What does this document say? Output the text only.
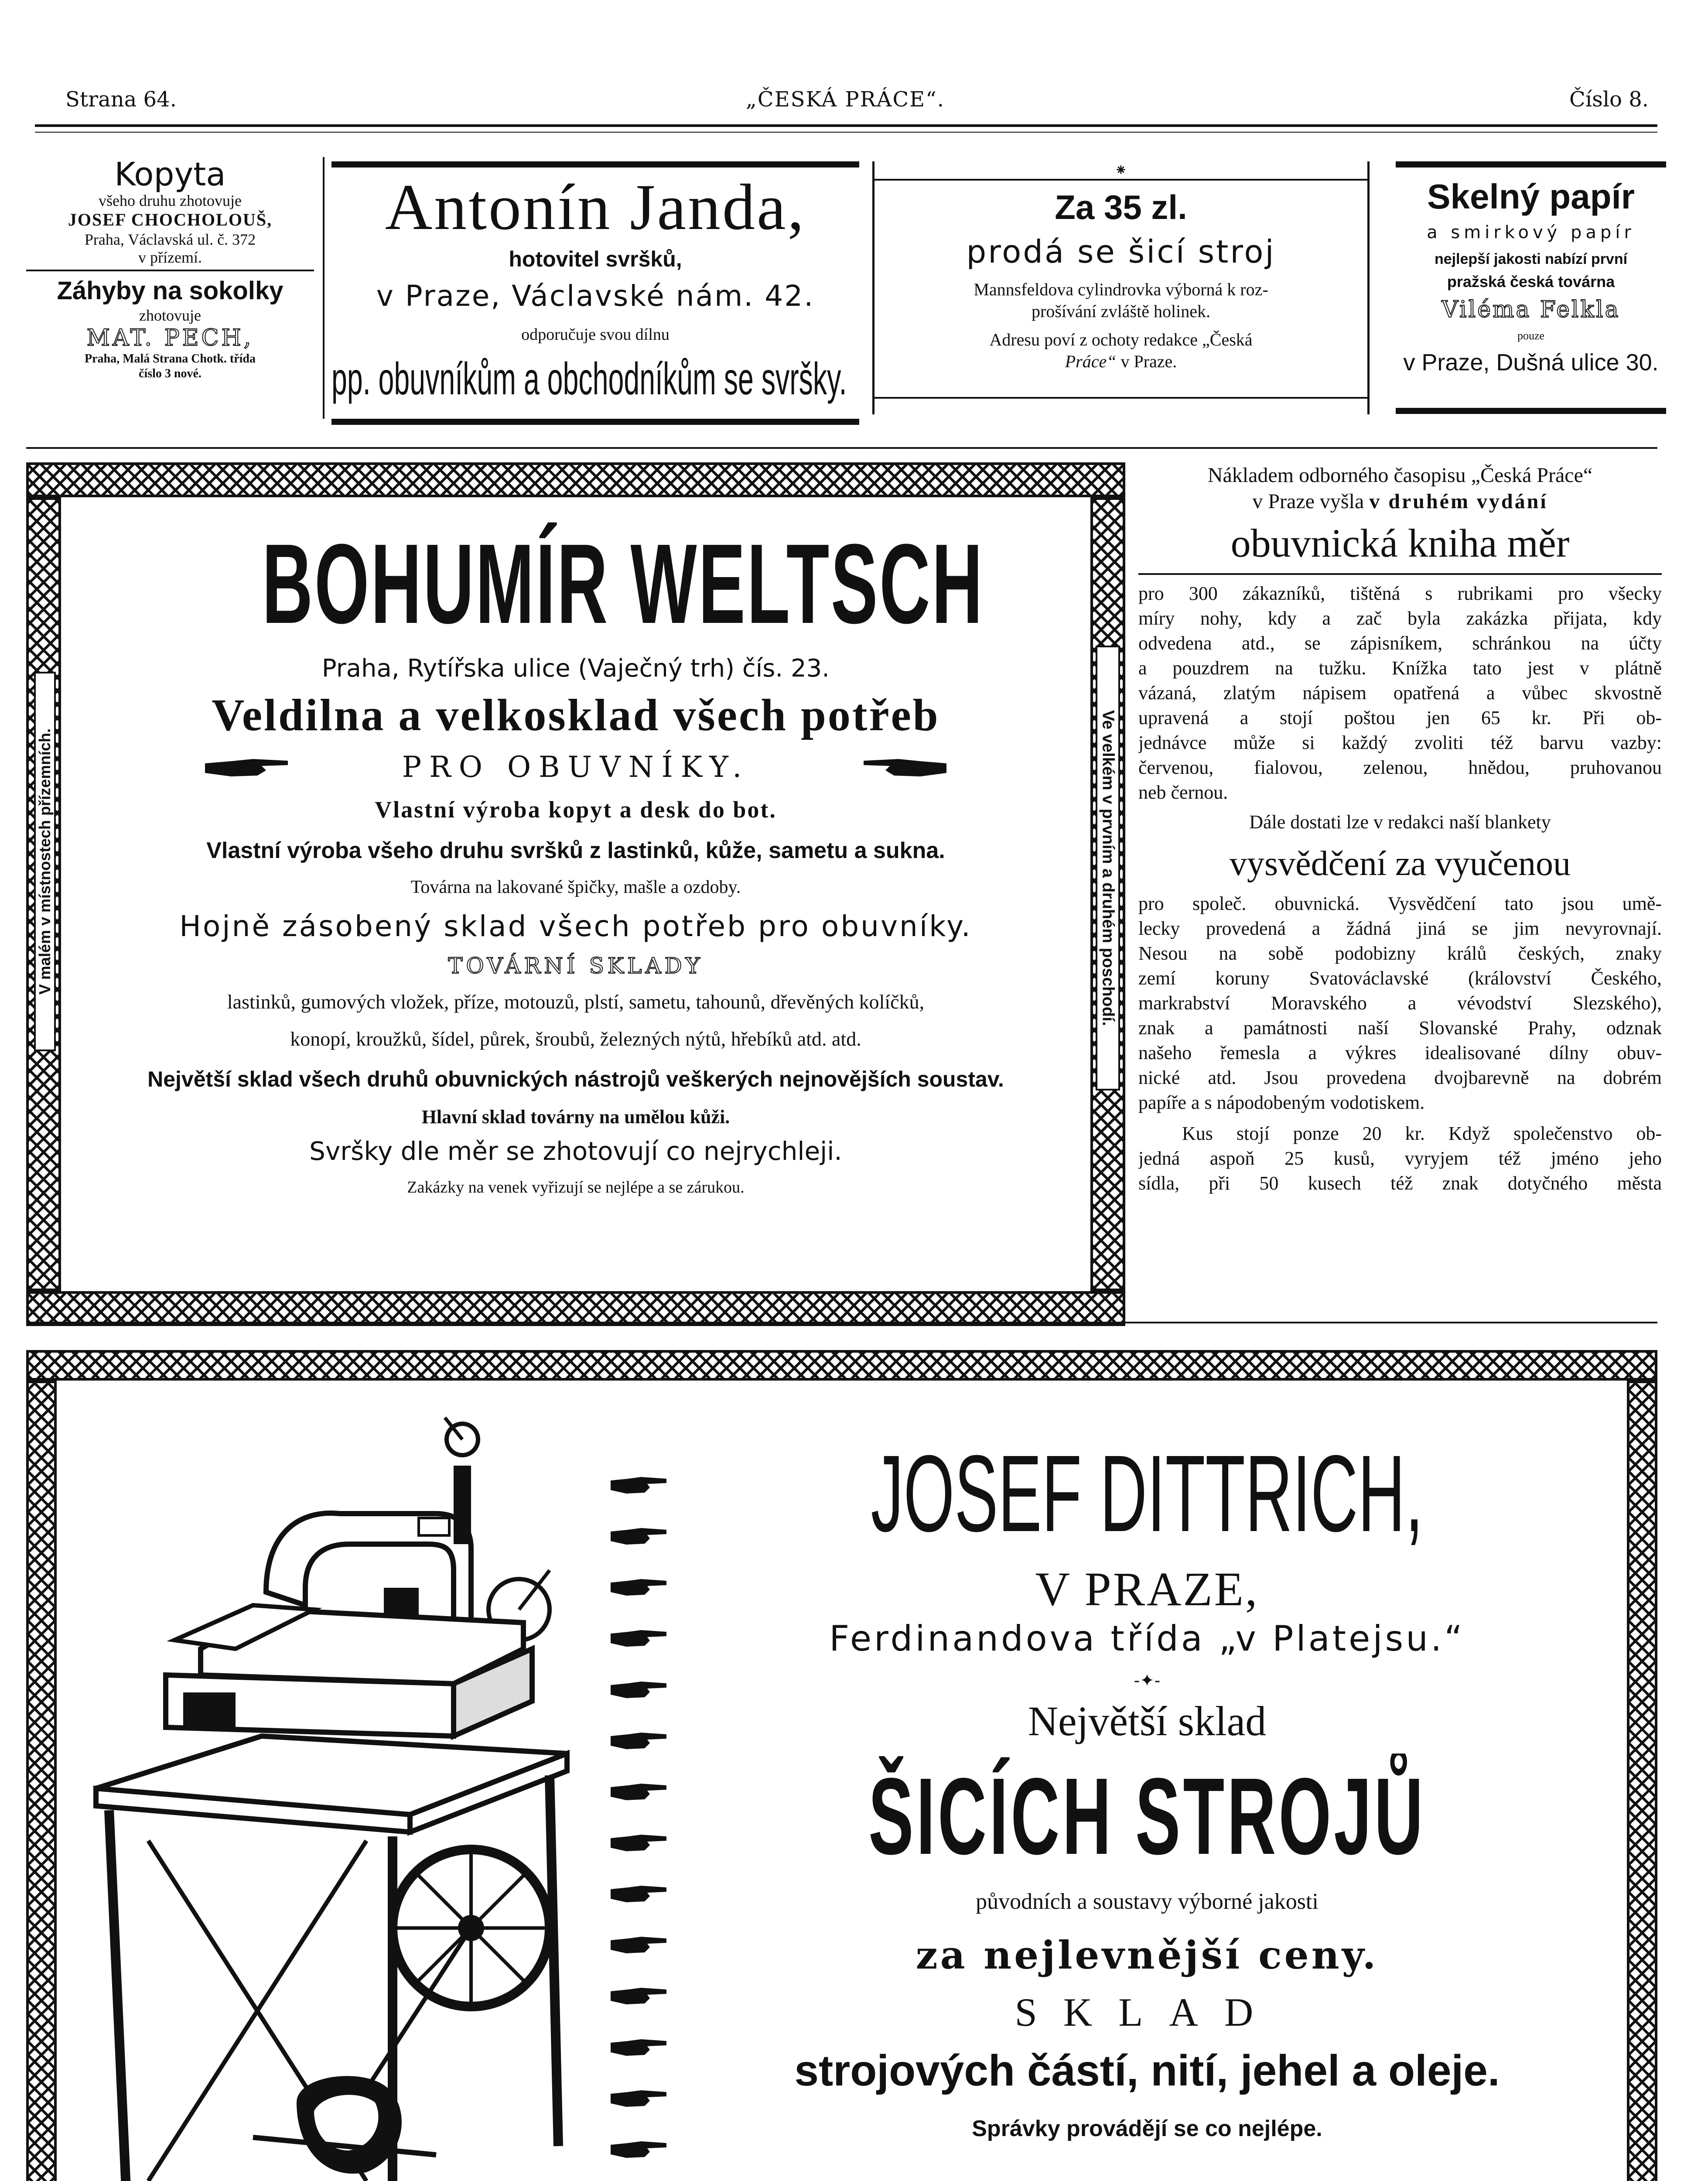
Strana 64.	„ČESKÁ PRÁCE“.	Číslo 8.
Kopyta
všeho druhu zhotovuje
JOSEF CHOCHOLOUŠ,
Praha, Václavská ul. č. 372
v přízemí.
Záhyby na sokolky
zhotovuje
MAT. PECH,
Praha, Malá Strana Chotk. třída
číslo 3 nové.
Antonín Janda,
hotovitel svršků,
v Praze, Václavské nám. 42.
odporučuje svou dílnu
pp. obuvníkům a obchodníkům se svršky.
⁕
Za 35 zl.
prodá se šicí stroj
Mannsfeldova cylindrovka výborná k roz-
prošívání zvláště holinek.
Adresu poví z ochoty redakce „Česká
Práce“ v Praze.
Skelný papír
a smirkový papír
nejlepší jakosti nabízí první
pražská česká továrna
Viléma Felkla
pouze
v Praze, Dušná ulice 30.
V malém v místnostech přízemních.	Ve velkém v prvním a druhém poschodí.
BOHUMÍR WELTSCH
Praha, Rytířska ulice (Vaječný trh) čís. 23.
Veldilna a velkosklad všech potřeb
PRO OBUVNÍKY.
Vlastní výroba kopyt a desk do bot.
Vlastní výroba všeho druhu svršků z lastinků, kůže, sametu a sukna.
Továrna na lakované špičky, mašle a ozdoby.
Hojně zásobený sklad všech potřeb pro obuvníky.
TOVÁRNÍ SKLADY
lastinků, gumových vložek, příze, motouzů, plstí, sametu, tahounů, dřevěných kolíčků,
konopí, kroužků, šídel, půrek, šroubů, železných nýtů, hřebíků atd. atd.
Největší sklad všech druhů obuvnických nástrojů veškerých nejnovějších soustav.
Hlavní sklad továrny na umělou kůži.
Svršky dle měr se zhotovují co nejrychleji.
Zakázky na venek vyřizují se nejlépe a se zárukou.
Nákladem odborného časopisu „Česká Práce“
v Praze vyšla v druhém vydání
obuvnická kniha měr

pro 300 zákazníků, tištěná s rubrikami pro všecky

míry nohy, kdy a zač byla zakázka přijata, kdy

odvedena atd., se zápisníkem, schránkou na účty

a pouzdrem na tužku. Knížka tato jest v plátně

vázaná, zlatým nápisem opatřená a vůbec skvostně

upravená a stojí poštou jen 65 kr. Při ob-

jednávce může si každý zvoliti též barvu vazby:

červenou, fialovou, zelenou, hnědou, pruhovanou

neb černou.
Dále dostati lze v redakci naší blankety
vysvědčení za vyučenou

pro společ. obuvnická. Vysvědčení tato jsou umě-

lecky provedená a žádná jiná se jim nevyrovnají.

Nesou na sobě podobizny králů českých, znaky

zemí koruny Svatováclavské (království Českého,

markrabství Moravského a vévodství Slezského),

znak a památnosti naší Slovanské Prahy, odznak

našeho řemesla a výkres idealisované dílny obuv-

nické atd. Jsou provedena dvojbarevně na dobrém

papíře a s nápodobeným vodotiskem.

Kus stojí ponze 20 kr. Když společenstvo ob-

jedná aspoň 25 kusů, vyryjem též jméno jeho

sídla, při 50 kusech též znak dotyčného města

JOSEF DITTRICH,
V PRAZE,
Ferdinandova třída „v Platejsu.“
-✦-
Největší sklad
ŠICÍCH STROJŮ
původních a soustavy výborné jakosti
za nejlevnější ceny.
SKLAD
strojových částí, nití, jehel a oleje.
Správky provádějí se co nejlépe.
